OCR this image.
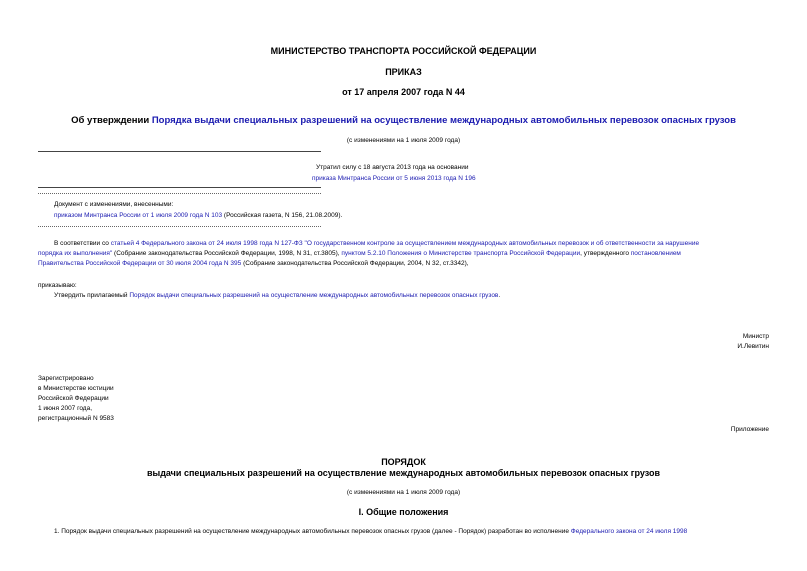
МИНИСТЕРСТВО ТРАНСПОРТА РОССИЙСКОЙ ФЕДЕРАЦИИ
ПРИКАЗ
от 17 апреля 2007 года N 44
Об утверждении Порядка выдачи специальных разрешений на осуществление международных автомобильных перевозок опасных грузов
(с изменениями на 1 июля 2009 года)
Утратил силу с 18 августа 2013 года на основании
приказа Минтранса России от 5 июня 2013 года N 196
Документ с изменениями, внесенными:
приказом Минтранса России от 1 июля 2009 года N 103 (Российская газета, N 156, 21.08.2009).
В соответствии со статьей 4 Федерального закона от 24 июля 1998 года N 127-ФЗ "О государственном контроле за осуществлением международных автомобильных перевозок и об ответственности за нарушение
порядка их выполнения" (Собрание законодательства Российской Федерации, 1998, N 31, ст.3805), пунктом 5.2.10 Положения о Министерстве транспорта Российской Федерации, утвержденного постановлением
Правительства Российской Федерации от 30 июля 2004 года N 395 (Собрание законодательства Российской Федерации, 2004, N 32, ст.3342),
приказываю:
Утвердить прилагаемый Порядок выдачи специальных разрешений на осуществление международных автомобильных перевозок опасных грузов.
Министр
И.Левитин
Зарегистрировано
в Министерстве юстиции
Российской Федерации
1 июня 2007 года,
регистрационный N 9583
Приложение
ПОРЯДОК
выдачи специальных разрешений на осуществление международных автомобильных перевозок опасных грузов
(с изменениями на 1 июля 2009 года)
I. Общие положения
1. Порядок выдачи специальных разрешений на осуществление международных автомобильных перевозок опасных грузов (далее - Порядок) разработан во исполнение Федерального закона от 24 июля 1998
